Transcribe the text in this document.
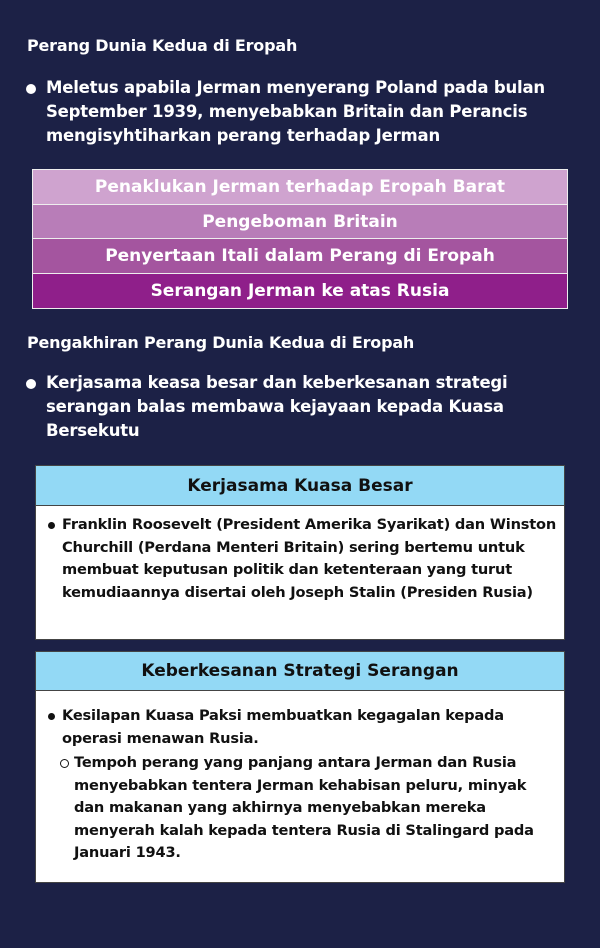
Perang Dunia Kedua di Eropah
Meletus apabila Jerman menyerang Poland pada bulan September 1939, menyebabkan Britain dan Perancis mengisyhtiharkan perang terhadap Jerman
Penaklukan Jerman terhadap Eropah Barat
Pengeboman Britain
Penyertaan Itali dalam Perang di Eropah
Serangan Jerman ke atas Rusia
Pengakhiran Perang Dunia Kedua di Eropah
Kerjasama keasa besar dan keberkesanan strategi serangan balas membawa kejayaan kepada Kuasa Bersekutu
Kerjasama Kuasa Besar

Franklin Roosevelt (President Amerika Syarikat) dan Winston Churchill (Perdana Menteri Britain) sering bertemu untuk membuat keputusan politik dan ketenteraan yang turut kemudiaannya disertai oleh Joseph Stalin (Presiden Rusia)

Keberkesanan Strategi Serangan

Kesilapan Kuasa Paksi membuatkan kegagalan kepada operasi menawan Rusia.

Tempoh perang yang panjang antara Jerman dan Rusia menyebabkan tentera Jerman kehabisan peluru, minyak dan makanan yang akhirnya menyebabkan mereka menyerah kalah kepada tentera Rusia di Stalingard pada Januari 1943.
